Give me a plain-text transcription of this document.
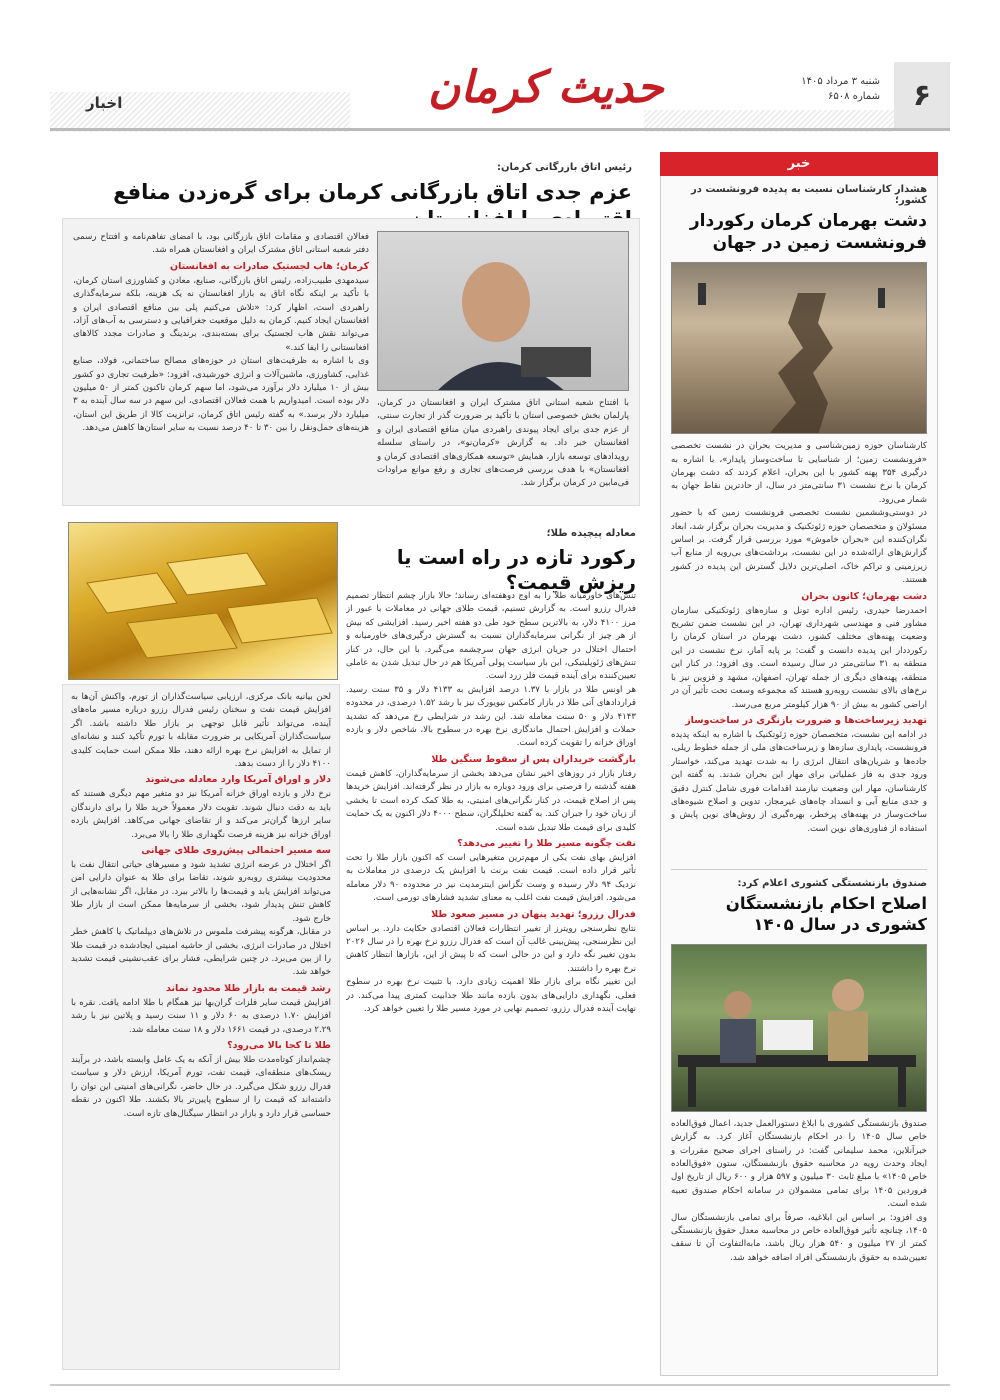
۶
شنبه ۳ مرداد ۱۴۰۵
شماره ۶۵۰۸
حدیث کرمان
اخبار
خبر
هشدار کارشناسان نسبت به پدیده فرونشست در کشور؛
دشت بهرمان کرمان رکوردار فرونشست زمین در جهان
کارشناسان حوزه زمین‌شناسی و مدیریت بحران در نشست تخصصی «فرونشست زمین؛ از شناسایی تا ساخت‌وساز پایدار»، با اشاره به درگیری ۳۵۴ پهنه کشور با این بحران، اعلام کردند که دشت بهرمان کرمان با نرخ نشست ۳۱ سانتی‌متر در سال، از حادترین نقاط جهان به شمار می‌رود.
در دوستی‌وششمین نشست تخصصی فرونشست زمین که با حضور مسئولان و متخصصان حوزه ژئوتکنیک و مدیریت بحران برگزار شد، ابعاد نگران‌کننده این «بحران خاموش» مورد بررسی قرار گرفت. بر اساس گزارش‌های ارائه‌شده در این نشست، برداشت‌های بی‌رویه از منابع آب زیرزمینی و تراکم خاک، اصلی‌ترین دلایل گسترش این پدیده در کشور هستند.
دشت بهرمان؛ کانون بحران
احمدرضا حیدری، رئیس اداره تونل و سازه‌های ژئوتکنیکی سازمان مشاور فنی و مهندسی شهرداری تهران، در این نشست ضمن تشریح وضعیت پهنه‌های مختلف کشور، دشت بهرمان در استان کرمان را رکورددار این پدیده دانست و گفت: بر پایه آمار، نرخ نشست در این منطقه به ۳۱ سانتی‌متر در سال رسیده است. وی افزود: در کنار این منطقه، پهنه‌های دیگری از جمله تهران، اصفهان، مشهد و قزوین نیز با نرخ‌های بالای نشست روبه‌رو هستند که مجموعه وسعت تحت تأثیر آن در اراضی کشور به بیش از ۹۰ هزار کیلومتر مربع می‌رسد.
تهدید زیرساخت‌ها و ضرورت بازنگری در ساخت‌وساز
در ادامه این نشست، متخصصان حوزه ژئوتکنیک با اشاره به اینکه پدیده فرونشست، پایداری سازه‌ها و زیرساخت‌های ملی از جمله خطوط ریلی، جاده‌ها و شریان‌های انتقال انرژی را به شدت تهدید می‌کند، خواستار ورود جدی به فاز عملیاتی برای مهار این بحران شدند. به گفته این کارشناسان، مهار این وضعیت نیازمند اقدامات فوری شامل کنترل دقیق و جدی منابع آبی و انسداد چاه‌های غیرمجاز، تدوین و اصلاح شیوه‌های ساخت‌وساز در پهنه‌های پرخطر، بهره‌گیری از روش‌های نوین پایش و استفاده از فناوری‌های نوین است.
صندوق بازنشستگی کشوری اعلام کرد:
اصلاح احکام بازنشستگان کشوری در سال ۱۴۰۵
صندوق بازنشستگی کشوری با ابلاغ دستورالعمل جدید، اعمال فوق‌العاده خاص سال ۱۴۰۵ را در احکام بازنشستگان آغاز کرد. به گزارش خبرآنلاین، محمد سلیمانی گفت: در راستای اجرای صحیح مقررات و ایجاد وحدت رویه در محاسبه حقوق بازنشستگان، ستون «فوق‌العاده خاص ۱۴۰۵» با مبلغ ثابت ۳۰ میلیون و ۵۹۷ هزار و ۶۰۰ ریال از تاریخ اول فروردین ۱۴۰۵ برای تمامی مشمولان در سامانه احکام صندوق تعبیه شده است.
وی افزود: بر اساس این ابلاغیه، صرفاً برای تمامی بازنشستگان سال ۱۴۰۵، چنانچه تأثیر فوق‌العاده خاص در محاسبه معدل حقوق بازنشستگی کمتر از ۲۷ میلیون و ۵۴۰ هزار ریال باشد، مابه‌التفاوت آن تا سقف تعیین‌شده به حقوق بازنشستگی افراد اضافه خواهد شد.
رئیس اتاق بازرگانی کرمان:
عزم جدی اتاق بازرگانی کرمان برای گره‌زدن منافع
با افتتاح شعبه استانی اتاق مشترک ایران و افغانستان در کرمان، پارلمان بخش خصوصی استان با تأکید بر ضرورت گذر از تجارت سنتی، از عزم جدی برای ایجاد پیوندی راهبردی میان منافع اقتصادی ایران و افغانستان خبر داد. به گزارش «کرمان‌نو»، در راستای سلسله رویدادهای توسعه بازار، همایش «توسعه همکاری‌های اقتصادی کرمان و افغانستان» با هدف بررسی فرصت‌های تجاری و رفع موانع مراودات فی‌مابین در کرمان برگزار شد.
فعالان اقتصادی و مقامات اتاق بازرگانی بود، با امضای تفاهم‌نامه و افتتاح رسمی دفتر شعبه استانی اتاق مشترک ایران و افغانستان همراه شد.
کرمان؛ هاب لجستیک صادرات به افغانستان
سیدمهدی طبیب‌زاده، رئیس اتاق بازرگانی، صنایع، معادن و کشاورزی استان کرمان، با تأکید بر اینکه نگاه اتاق به بازار افغانستان نه یک هزینه، بلکه سرمایه‌گذاری راهبردی است، اظهار کرد: «تلاش می‌کنیم پلی بین منافع اقتصادی ایران و افغانستان ایجاد کنیم. کرمان به دلیل موقعیت جغرافیایی و دسترسی به آب‌های آزاد، می‌تواند نقش هاب لجستیک برای بسته‌بندی، برندینگ و صادرات مجدد کالاهای افغانستانی را ایفا کند.»
وی با اشاره به ظرفیت‌های استان در حوزه‌های مصالح ساختمانی، فولاد، صنایع غذایی، کشاورزی، ماشین‌آلات و انرژی خورشیدی، افزود: «ظرفیت تجاری دو کشور بیش از ۱۰ میلیارد دلار برآورد می‌شود، اما سهم کرمان تاکنون کمتر از ۵۰ میلیون دلار بوده است. امیدواریم با همت فعالان اقتصادی، این سهم در سه سال آینده به ۳ میلیارد دلار برسد.» به گفته رئیس اتاق کرمان، ترانزیت کالا از طریق این استان، هزینه‌های حمل‌ونقل را بین ۳۰ تا ۴۰ درصد نسبت به سایر استان‌ها کاهش می‌دهد.
معادله پیچیده طلا؛
رکورد تازه در راه است یا ریزش قیمت؟
تنش‌های خاورمیانه طلا را به اوج دوهفته‌ای رساند؛ حالا بازار چشم انتظار تصمیم فدرال رزرو است. به گزارش تسنیم، قیمت طلای جهانی در معاملات با عبور از مرز ۴۱۰۰ دلار، به بالاترین سطح خود طی دو هفته اخیر رسید. افزایشی که بیش از هر چیز از نگرانی سرمایه‌گذاران نسبت به گسترش درگیری‌های خاورمیانه و احتمال اختلال در جریان انرژی جهان سرچشمه می‌گیرد. با این حال، در کنار تنش‌های ژئوپلیتیکی، این بار سیاست پولی آمریکا هم در حال تبدیل شدن به عاملی تعیین‌کننده برای آینده قیمت فلز زرد است.
هر اونس طلا در بازار با ۱.۳۷ درصد افزایش به ۴۱۳۳ دلار و ۳۵ سنت رسید. قراردادهای آتی طلا در بازار کامکس نیویورک نیز با رشد ۱.۵۲ درصدی، در محدوده ۴۱۴۳ دلار و ۵۰ سنت معامله شد. این رشد در شرایطی رخ می‌دهد که تشدید حملات و افزایش احتمال ماندگاری نرخ بهره در سطوح بالا، شاخص دلار و بازده اوراق خزانه را تقویت کرده است.
بازگشت خریداران پس از سقوط سنگین طلا
رفتار بازار در روزهای اخیر نشان می‌دهد بخشی از سرمایه‌گذاران، کاهش قیمت هفته گذشته را فرصتی برای ورود دوباره به بازار در نظر گرفته‌اند. افزایش خریدها پس از اصلاح قیمت، در کنار نگرانی‌های امنیتی، به طلا کمک کرده است تا بخشی از زیان خود را جبران کند. به گفته تحلیلگران، سطح ۴۰۰۰ دلار اکنون به یک حمایت کلیدی برای قیمت طلا تبدیل شده است.
نفت چگونه مسیر طلا را تغییر می‌دهد؟
افزایش بهای نفت یکی از مهم‌ترین متغیرهایی است که اکنون بازار طلا را تحت تأثیر قرار داده است. قیمت نفت برنت با افزایش یک درصدی در معاملات به نزدیک ۹۴ دلار رسیده و وست تگزاس اینترمدیت نیز در محدوده ۹۰ دلار معامله می‌شود. افزایش قیمت نفت اغلب به معنای تشدید فشارهای تورمی است.
فدرال رزرو؛ تهدید پنهان در مسیر صعود طلا
نتایج نظرسنجی رویترز از تغییر انتظارات فعالان اقتصادی حکایت دارد. بر اساس این نظرسنجی، پیش‌بینی غالب آن است که فدرال رزرو نرخ بهره را در سال ۲۰۲۶ بدون تغییر نگه دارد و این در حالی است که تا پیش از این، بازارها انتظار کاهش نرخ بهره را داشتند.
این تغییر نگاه برای بازار طلا اهمیت زیادی دارد. با تثبیت نرخ بهره در سطوح فعلی، نگهداری دارایی‌های بدون بازده مانند طلا جذابیت کمتری پیدا می‌کند. در نهایت آینده فدرال رزرو، تصمیم نهایی در مورد مسیر طلا را تعیین خواهد کرد.
لحن بیانیه بانک مرکزی، ارزیابی سیاست‌گذاران از تورم، واکنش آن‌ها به افزایش قیمت نفت و سخنان رئیس فدرال رزرو درباره مسیر ماه‌های آینده، می‌تواند تأثیر قابل توجهی بر بازار طلا داشته باشد. اگر سیاست‌گذاران آمریکایی بر ضرورت مقابله با تورم تأکید کنند و نشانه‌ای از تمایل به افزایش نرخ بهره ارائه دهند، طلا ممکن است حمایت کلیدی ۴۱۰۰ دلار را از دست بدهد.
دلار و اوراق آمریکا وارد معادله می‌شوند
نرخ دلار و بازده اوراق خزانه آمریکا نیز دو متغیر مهم دیگری هستند که باید به دقت دنبال شوند. تقویت دلار معمولاً خرید طلا را برای دارندگان سایر ارزها گران‌تر می‌کند و از تقاضای جهانی می‌کاهد. افزایش بازده اوراق خزانه نیز هزینه فرصت نگهداری طلا را بالا می‌برد.
سه مسیر احتمالی پیش‌روی طلای جهانی
اگر اختلال در عرضه انرژی تشدید شود و مسیرهای حیاتی انتقال نفت با محدودیت بیشتری روبه‌رو شوند، تقاضا برای طلا به عنوان دارایی امن می‌تواند افزایش یابد و قیمت‌ها را بالاتر ببرد. در مقابل، اگر نشانه‌هایی از کاهش تنش پدیدار شود، بخشی از سرمایه‌ها ممکن است از بازار طلا خارج شود.
در مقابل، هرگونه پیشرفت ملموس در تلاش‌های دیپلماتیک یا کاهش خطر اختلال در صادرات انرژی، بخشی از حاشیه امنیتی ایجادشده در قیمت طلا را از بین می‌برد. در چنین شرایطی، فشار برای عقب‌نشینی قیمت تشدید خواهد شد.
رشد قیمت به بازار طلا محدود نماند
افزایش قیمت سایر فلزات گران‌بها نیز همگام با طلا ادامه یافت. نقره با افزایش ۱.۷۰ درصدی به ۶۰ دلار و ۱۱ سنت رسید و پلاتین نیز با رشد ۲.۲۹ درصدی، در قیمت ۱۶۶۱ دلار و ۱۸ سنت معامله شد.
طلا تا کجا بالا می‌رود؟
چشم‌انداز کوتاه‌مدت طلا بیش از آنکه به یک عامل وابسته باشد، در برآیند ریسک‌های منطقه‌ای، قیمت نفت، تورم آمریکا، ارزش دلار و سیاست فدرال رزرو شکل می‌گیرد. در حال حاضر، نگرانی‌های امنیتی این توان را داشته‌اند که قیمت را از سطوح پایین‌تر بالا بکشند. طلا اکنون در نقطه حساسی قرار دارد و بازار در انتظار سیگنال‌های تازه است.
